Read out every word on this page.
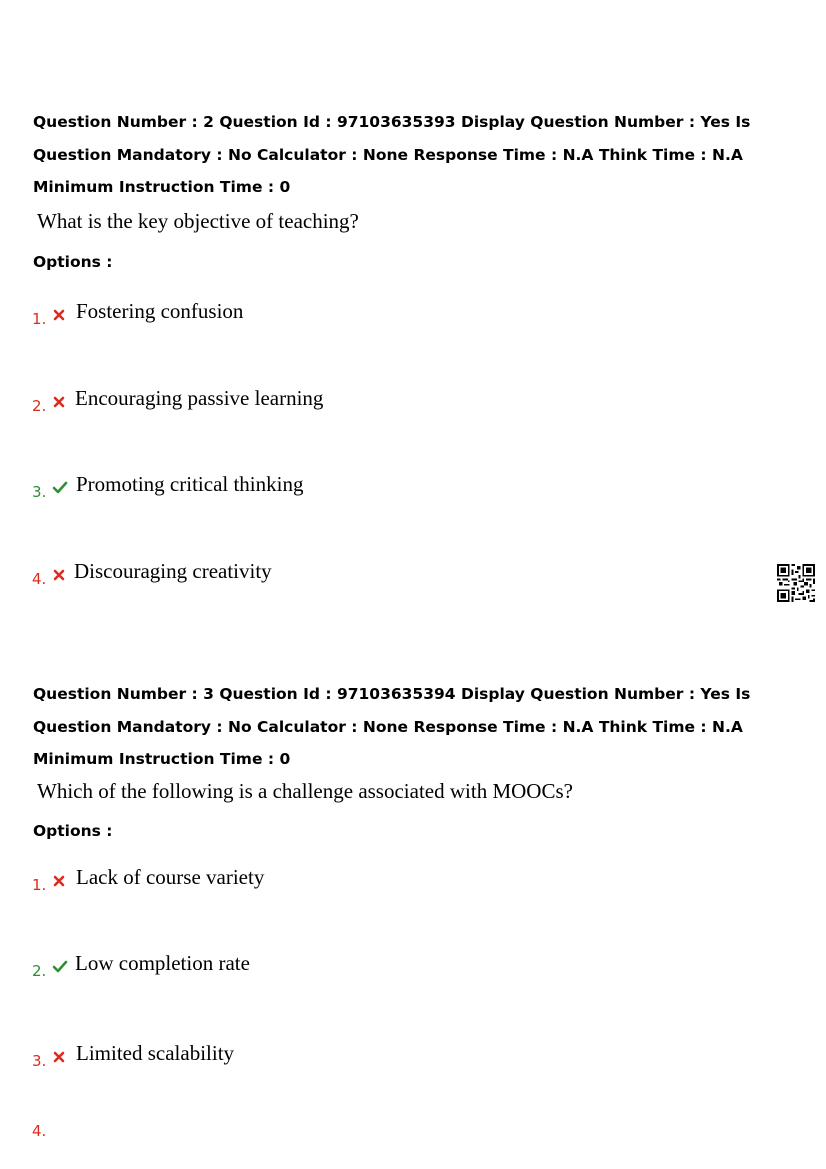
Question Number : 2 Question Id : 97103635393 Display Question Number : Yes Is Question Mandatory : No Calculator : None Response Time : N.A Think Time : N.A Minimum Instruction Time : 0

What is the key objective of teaching?
Options :
1. Fostering confusion
2. Encouraging passive learning
3. Promoting critical thinking
4. Discouraging creativity

Question Number : 3 Question Id : 97103635394 Display Question Number : Yes Is Question Mandatory : No Calculator : None Response Time : N.A Think Time : N.A Minimum Instruction Time : 0

Which of the following is a challenge associated with MOOCs?
Options :
1. Lack of course variety
2. Low completion rate
3. Limited scalability
4.
